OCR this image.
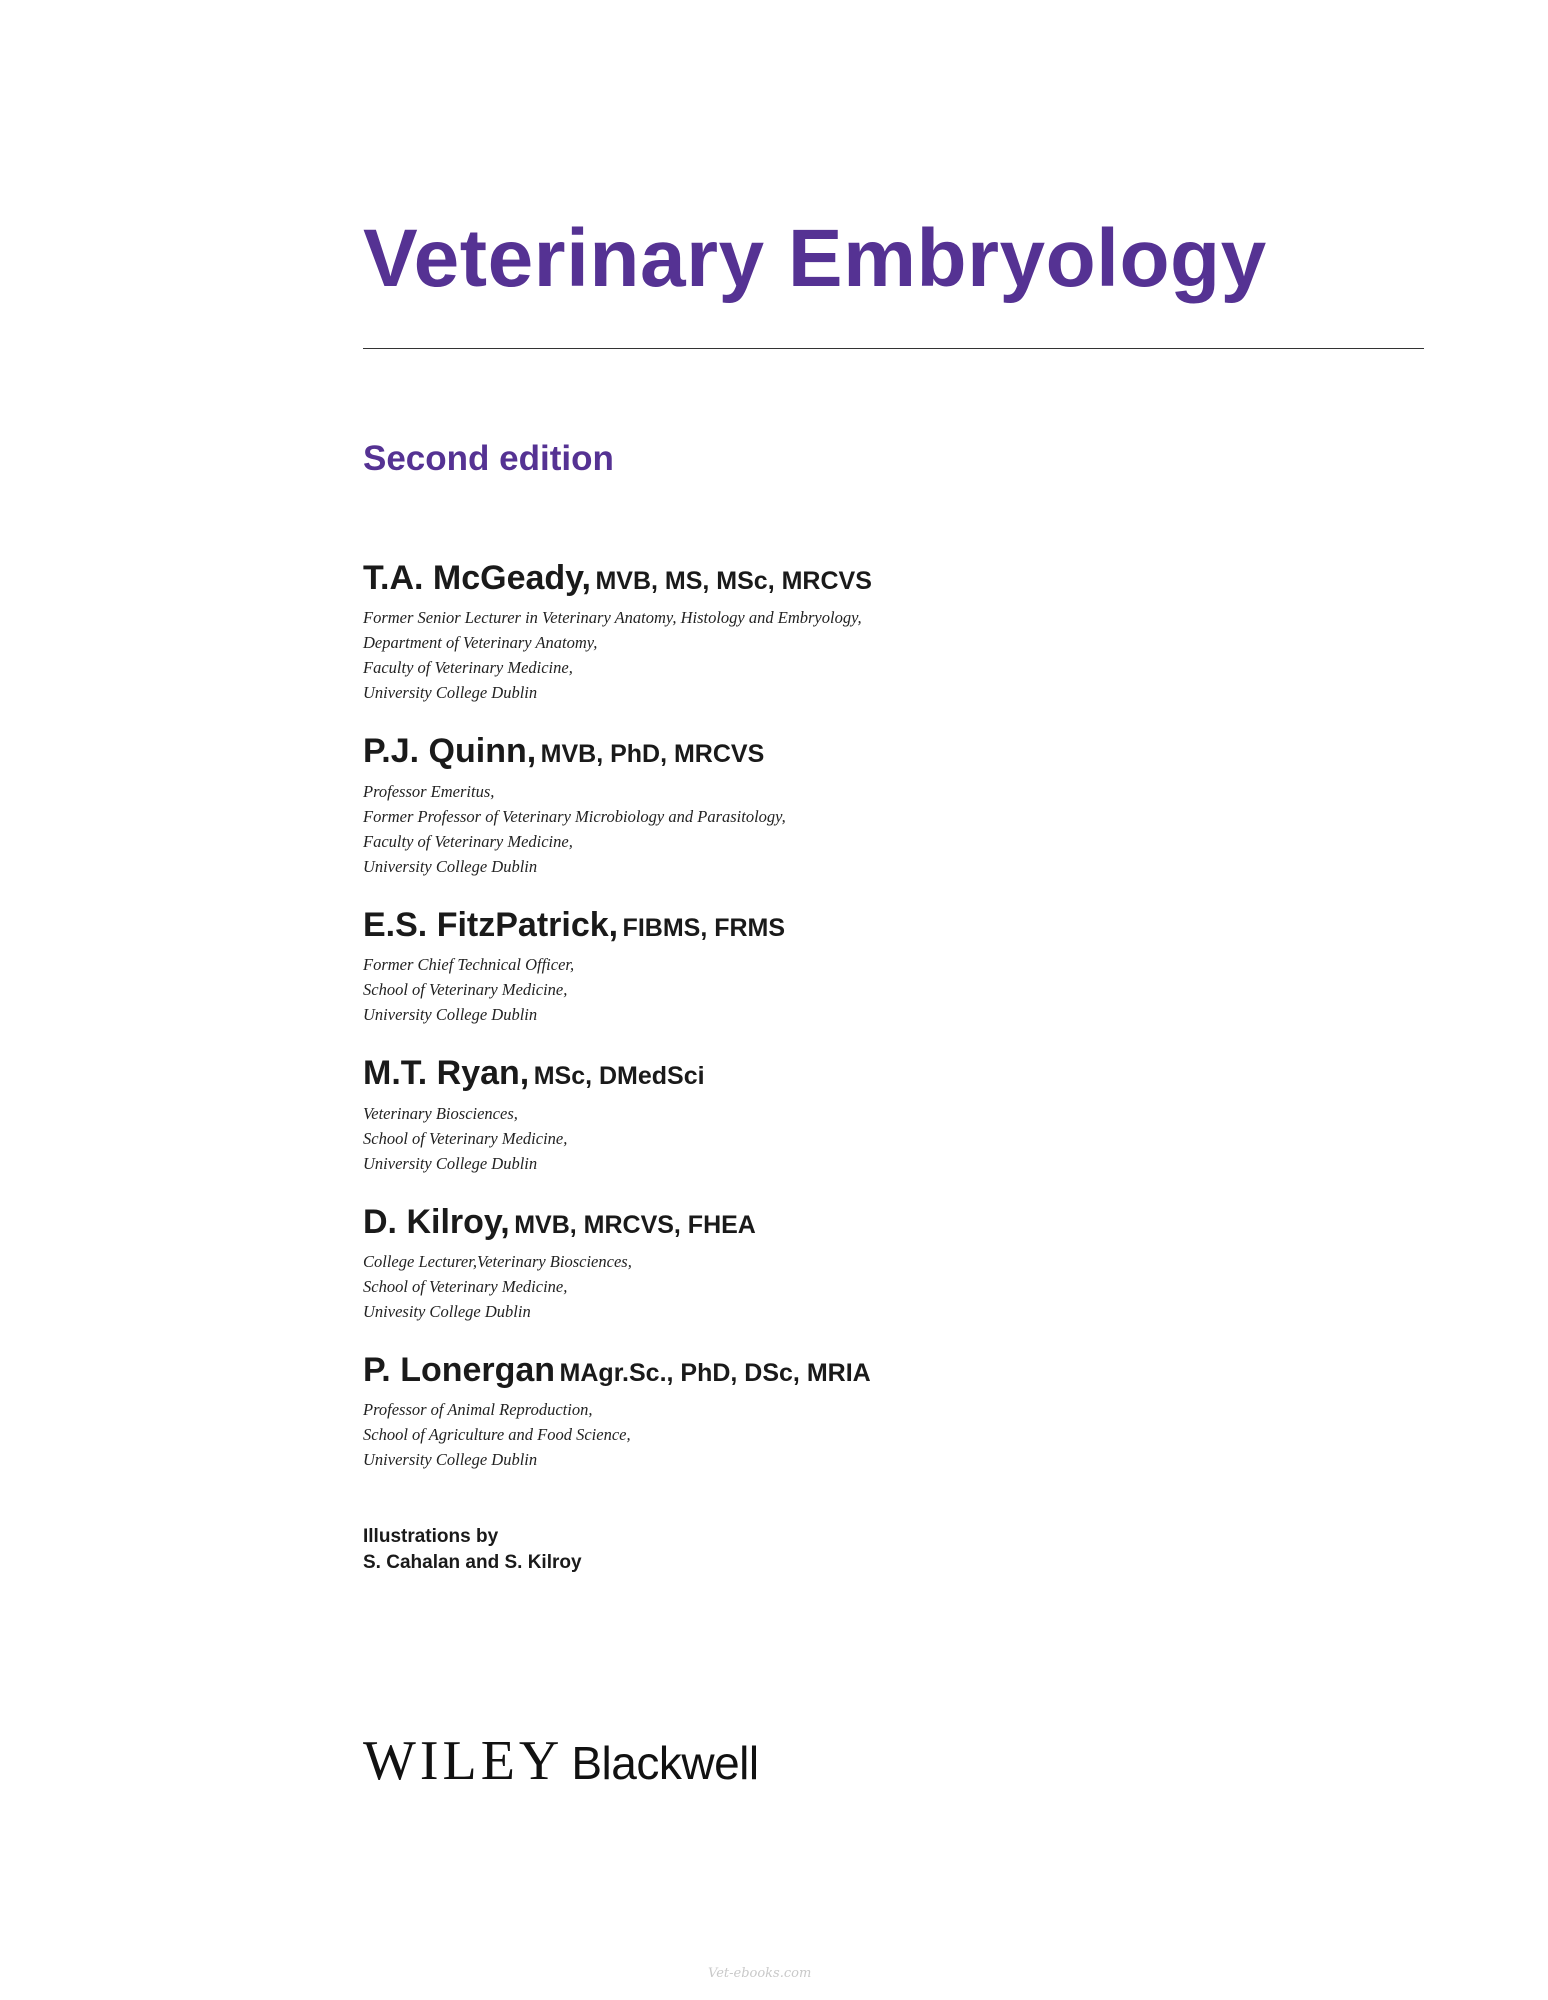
Veterinary Embryology
Second edition

T.A. McGeady, MVB, MS, MSc, MRCVS

Former Senior Lecturer in Veterinary Anatomy, Histology and Embryology,

Department of Veterinary Anatomy,

Faculty of Veterinary Medicine,

University College Dublin

P.J. Quinn, MVB, PhD, MRCVS

Professor Emeritus,

Former Professor of Veterinary Microbiology and Parasitology,

Faculty of Veterinary Medicine,

University College Dublin

E.S. FitzPatrick, FIBMS, FRMS

Former Chief Technical Officer,

School of Veterinary Medicine,

University College Dublin

M.T. Ryan, MSc, DMedSci

Veterinary Biosciences,

School of Veterinary Medicine,

University College Dublin

D. Kilroy, MVB, MRCVS, FHEA

College Lecturer,Veterinary Biosciences,

School of Veterinary Medicine,

Univesity College Dublin

P. Lonergan MAgr.Sc., PhD, DSc, MRIA

Professor of Animal Reproduction,

School of Agriculture and Food Science,

University College Dublin

Illustrations by

S. Cahalan and S. Kilroy

WILEY Blackwell
Vet-ebooks.com
